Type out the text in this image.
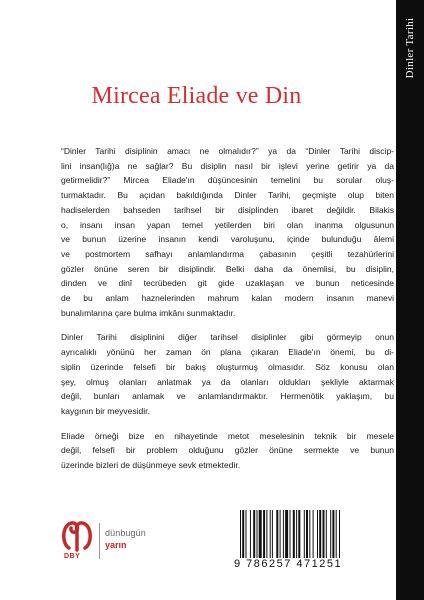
Mircea Eliade ve Din

“Dinler Tarihi disiplinin amacı ne olmalıdır?” ya da “Dinler Tarihi discip-
lini insan(lığ)a ne sağlar? Bu disiplin nasıl bir işlevi yerine getirir ya da
getirmelidir?” Mircea Eliade'ın düşüncesinin temelini bu sorular oluş-
turmaktadır. Bu açıdan bakıldığında Dinler Tarihi, geçmişte olup biten
hadiselerden bahseden tarihsel bir disiplinden ibaret değildir. Bilakis
o, insanı insan yapan temel yetilerden biri olan inanma olgusunun
ve bunun üzerine insanın kendi varoluşunu, içinde bulunduğu âlemi
ve postmortem safhayı anlamlandırma çabasının çeşitli tezahürlerini
gözler önüne seren bir disiplindir. Belki daha da önemlisi, bu disiplin,
dinden ve dinî tecrübeden git gide uzaklaşan ve bunun neticesinde
de bu anlam haznelerinden mahrum kalan modern insanın manevi
bunalımlarına çare bulma imkânı sunmaktadır.

Dinler Tarihi disiplinini diğer tarihsel disiplinler gibi görmeyip onun
ayrıcalıklı yönünü her zaman ön plana çıkaran Eliade'ın önemi, bu di-
siplin üzerinde felsefi bir bakış oluşturmuş olmasıdır. Söz konusu olan
şey, olmuş olanları anlatmak ya da olanları oldukları şekliyle aktarmak
değil, bunları anlamak ve anlamlandırmaktır. Hermenötik yaklaşım, bu
kaygının bir meyvesidir.

Eliade örneği bize en nihayetinde metot meselesinin teknik bir mesele
değil, felsefi bir problem olduğunu gözler önüne sermekte ve bunun
üzerinde bizleri de düşünmeye sevk etmektedir.

DBY
dünbugün
yarın
9 786257 471251
Dinler Tarihi
